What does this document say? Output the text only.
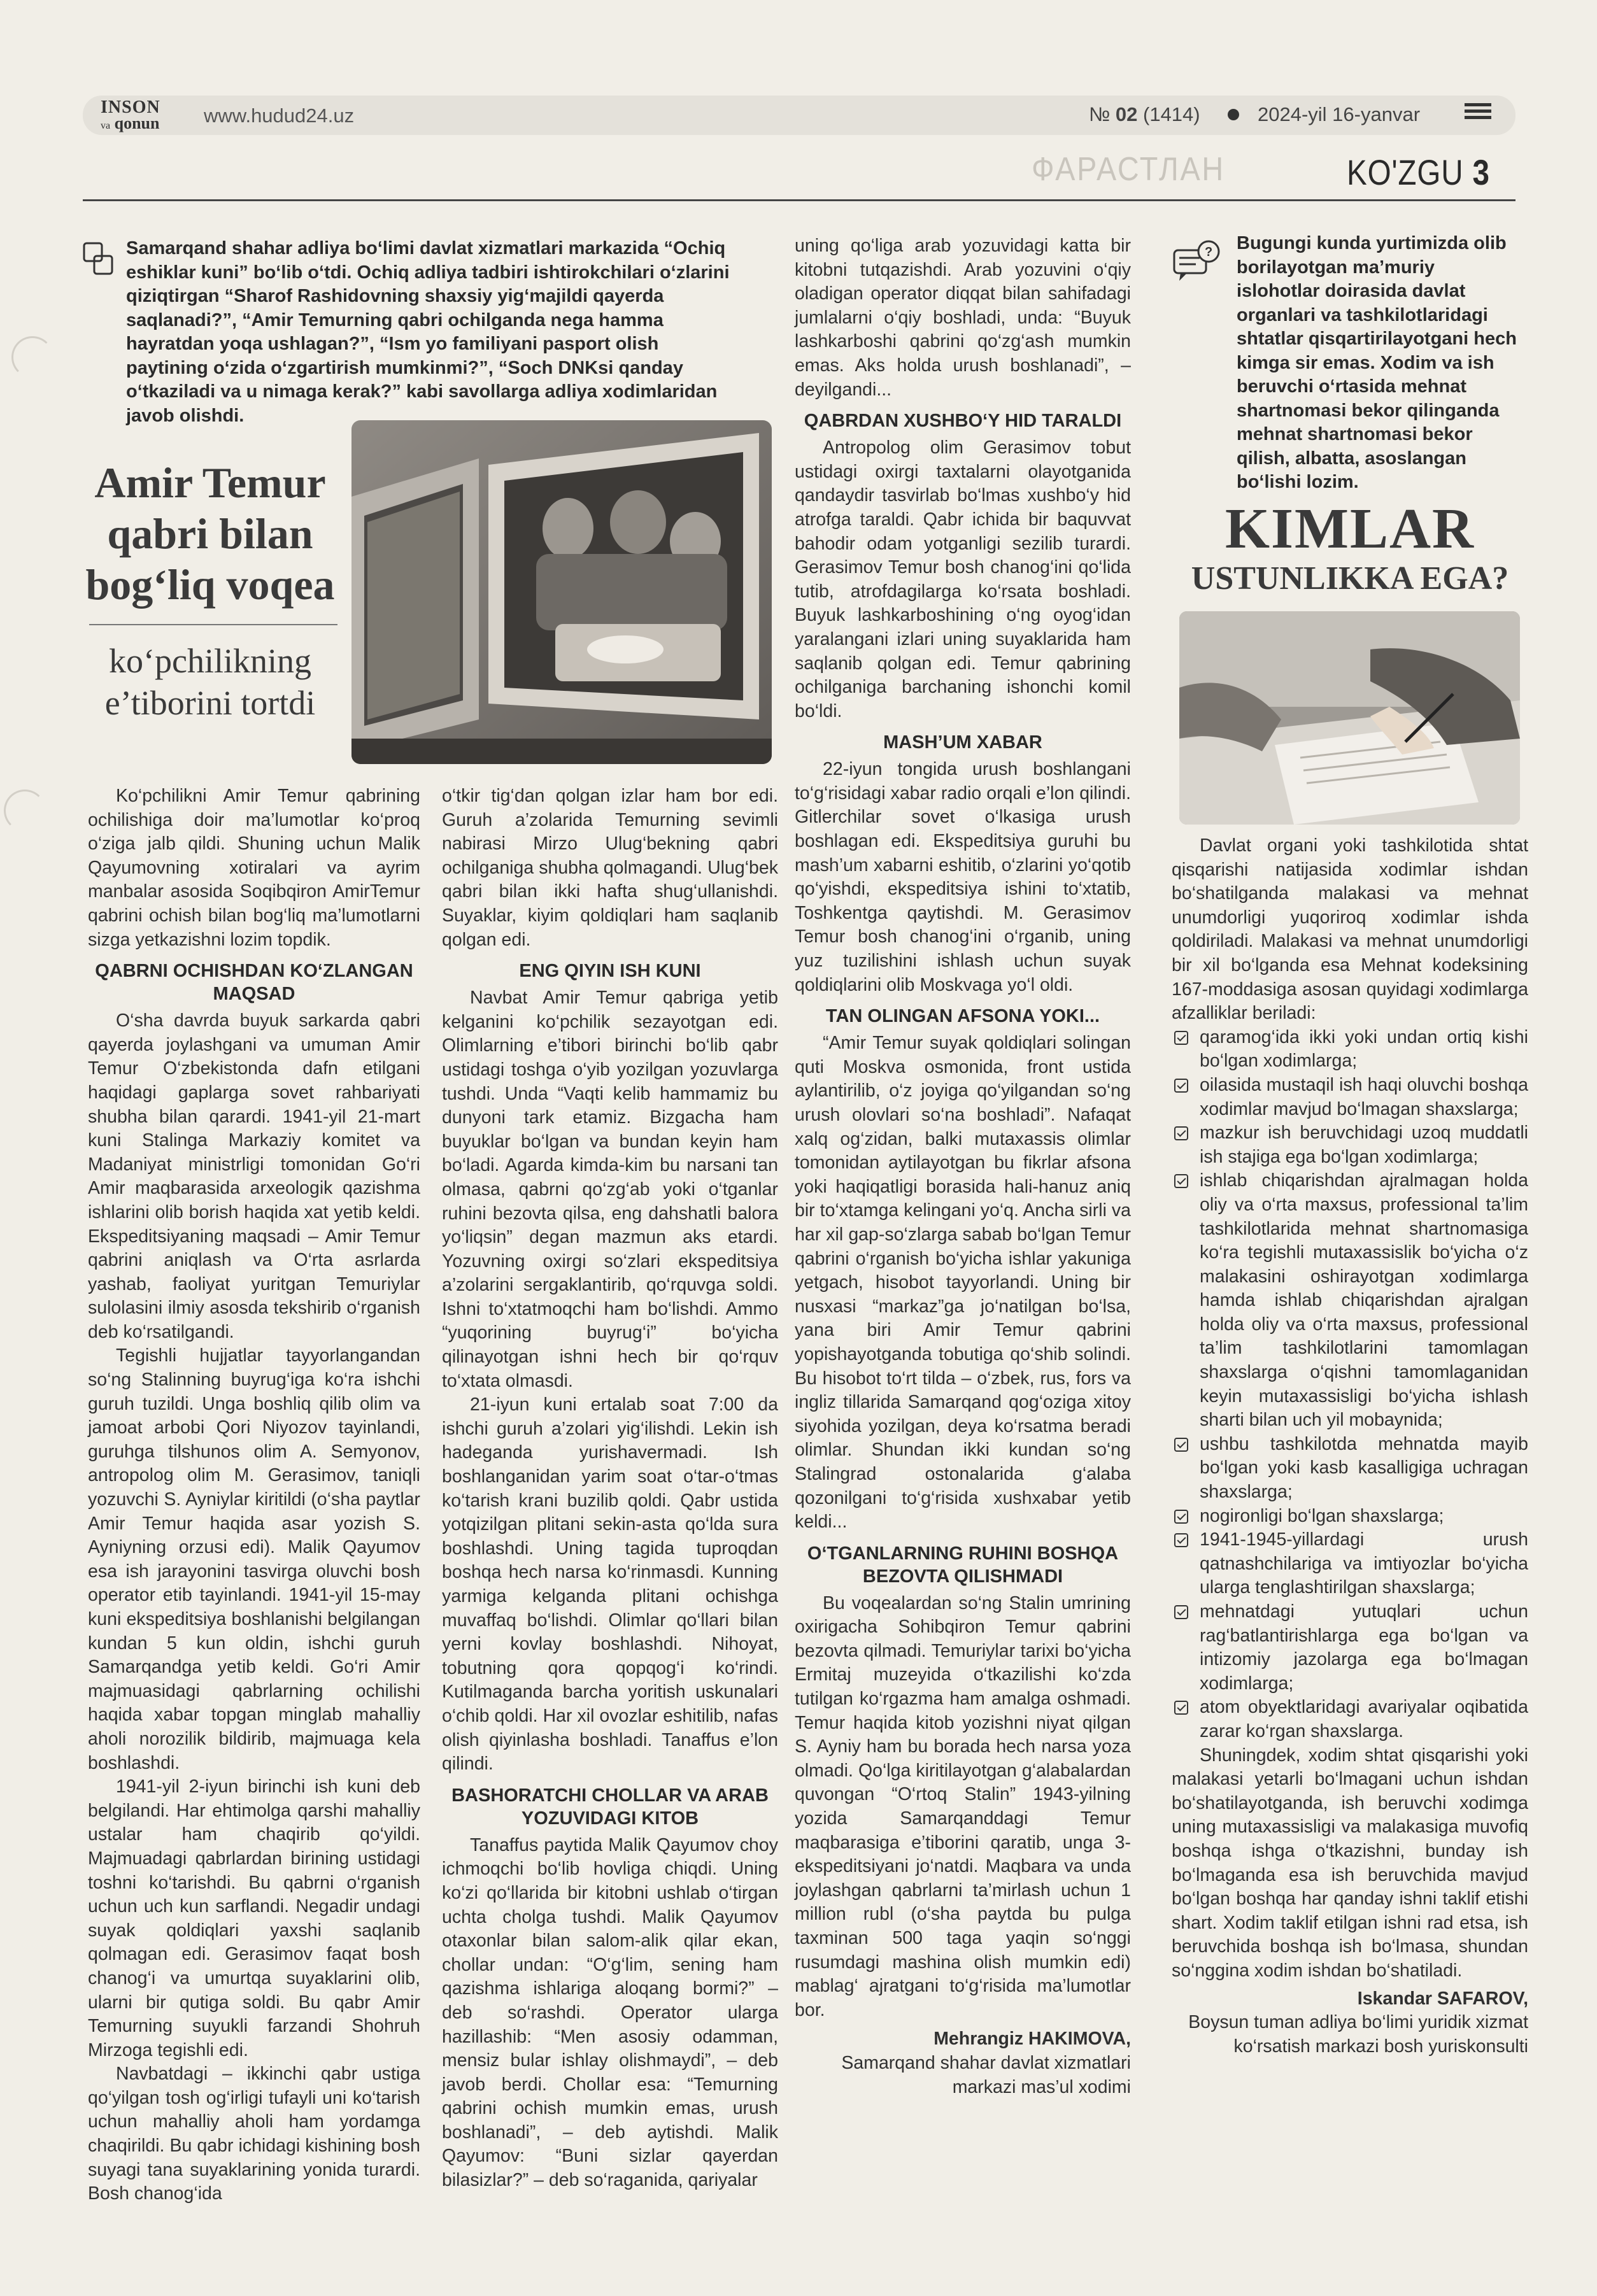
INSON
va qonun www.hudud24.uz	№ 02 (1414)	2024-yil 16-yanvar
ФАРАСТЛАН	KO'ZGU 3
Samarqand shahar adliya bo‘limi davlat xizmatlari markazida “Ochiq eshiklar kuni” bo‘lib o‘tdi. Ochiq adliya tadbiri ishtirokchilari o‘zlarini qiziqtirgan “Sharof Rashidovning shaxsiy yig‘majildi qayerda saqlanadi?”, “Amir Temurning qabri ochilganda nega hamma hayratdan yoqa ushlagan?”, “Ism yo familiyani pasport olish paytining o‘zida o‘zgartirish mumkinmi?”, “Soch DNKsi qanday o‘tkaziladi va u nimaga kerak?” kabi savollarga adliya xodimlaridan javob olishdi.
Amir Temur qabri bilan bog‘liq voqea
ko‘pchilikning e’tiborini tortdi

Ko‘pchilikni Amir Temur qabrining ochilishiga doir ma’lumotlar ko‘proq o‘ziga jalb qildi. Shuning uchun Malik Qayumovning xotiralari va ayrim manbalar asosida Soqibqiron AmirTemur qabrini ochish bilan bog‘liq ma’lumotlarni sizga yetkazishni lozim topdik.

QABRNI OCHISHDAN KO‘ZLANGAN MAQSAD

O‘sha davrda buyuk sarkarda qabri qayerda joylashgani va umuman Amir Temur O‘zbekistonda dafn etilgani haqidagi gaplarga sovet rahbariyati shubha bilan qarardi. 1941-yil 21-mart kuni Stalinga Markaziy komitet va Madaniyat ministrligi tomonidan Go‘ri Amir maqbarasida arxeologik qazishma ishlarini olib borish haqida xat yetib keldi. Ekspeditsiyaning maqsadi – Amir Temur qabrini aniqlash va O‘rta asrlarda yashab, faoliyat yuritgan Temuriylar sulolasini ilmiy asosda tekshirib o‘rganish deb ko‘rsatilgandi.

Tegishli hujjatlar tayyorlangandan so‘ng Stalinning buyrug‘iga ko‘ra ishchi guruh tuzildi. Unga boshliq qilib olim va jamoat arbobi Qori Niyozov tayinlandi, guruhga tilshunos olim A. Semyonov, antropolog olim M. Gerasimov, taniqli yozuvchi S. Ayniylar kiritildi (o‘sha paytlar Amir Temur haqida asar yozish S. Ayniyning orzusi edi). Malik Qayumov esa ish jarayonini tasvirga oluvchi bosh operator etib tayinlandi. 1941-yil 15-may kuni ekspeditsiya boshlanishi belgilangan kundan 5 kun oldin, ishchi guruh Samarqandga yetib keldi. Go‘ri Amir majmuasidagi qabrlarning ochilishi haqida xabar topgan minglab mahalliy aholi norozilik bildirib, majmuaga kela boshlashdi.

1941-yil 2-iyun birinchi ish kuni deb belgilandi. Har ehtimolga qarshi mahalliy ustalar ham chaqirib qo‘yildi. Majmuadagi qabrlardan birining ustidagi toshni ko‘tarishdi. Bu qabrni o‘rganish uchun uch kun sarflandi. Negadir undagi suyak qoldiqlari yaxshi saqlanib qolmagan edi. Gerasimov faqat bosh chanog‘i va umurtqa suyaklarini olib, ularni bir qutiga soldi. Bu qabr Amir Temurning suyukli farzandi Shohruh Mirzoga tegishli edi.

Navbatdagi – ikkinchi qabr ustiga qo‘yilgan tosh og‘irligi tufayli uni ko‘tarish uchun mahalliy aholi ham yordamga chaqirildi. Bu qabr ichidagi kishining bosh suyagi tana suyaklarining yonida turardi. Bosh chanog‘ida

o‘tkir tig‘dan qolgan izlar ham bor edi. Guruh a’zolarida Temurning sevimli nabirasi Mirzo Ulug‘bekning qabri ochilganiga shubha qolmagandi. Ulug‘bek qabri bilan ikki hafta shug‘ullanishdi. Suyaklar, kiyim qoldiqlari ham saqlanib qolgan edi.

ENG QIYIN ISH KUNI

Navbat Amir Temur qabriga yetib kelganini ko‘pchilik sezayotgan edi. Olimlarning e’tibori birinchi bo‘lib qabr ustidagi toshga o‘yib yozilgan yozuvlarga tushdi. Unda “Vaqti kelib hammamiz bu dunyoni tark etamiz. Bizgacha ham buyuklar bo‘lgan va bundan keyin ham bo‘ladi. Agarda kimda-kim bu narsani tan olmasa, qabrni qo‘zg‘ab yoki o‘tganlar ruhini bezovta qilsa, eng dahshatli balога yo‘liqsin” degan mazmun aks etardi. Yozuvning oxirgi so‘zlari ekspeditsiya a’zolarini sergaklantirib, qo‘rquvga soldi. Ishni to‘xtatmoqchi ham bo‘lishdi. Ammo “yuqorining buyrug‘i” bo‘yicha qilinayotgan ishni hech bir qo‘rquv to‘xtata olmasdi.

21-iyun kuni ertalab soat 7:00 da ishchi guruh a’zolari yig‘ilishdi. Lekin ish hadeganda yurishavermadi. Ish boshlanganidan yarim soat o‘tar-o‘tmas ko‘tarish krani buzilib qoldi. Qabr ustida yotqizilgan plitani sekin-asta qo‘lda sura boshlashdi. Uning tagida tuproqdan boshqa hech narsa ko‘rinmasdi. Kunning yarmiga kelganda plitani ochishga muvaffaq bo‘lishdi. Olimlar qo‘llari bilan yerni kovlay boshlashdi. Nihoyat, tobutning qora qopqog‘i ko‘rindi. Kutilmaganda barcha yoritish uskunalari o‘chib qoldi. Har xil ovozlar eshitilib, nafas olish qiyinlasha boshladi. Tanaffus e’lon qilindi.

BASHORATCHI CHOLLAR VA ARAB YOZUVIDAGI KITOB

Tanaffus paytida Malik Qayumov choy ichmoqchi bo‘lib hovliga chiqdi. Uning ko‘zi qo‘llarida bir kitobni ushlab o‘tirgan uchta cholga tushdi. Malik Qayumov otaxonlar bilan salom-alik qilar ekan, chollar undan: “O‘g‘lim, sening ham qazishma ishlariga aloqang bormi?” – deb so‘rashdi. Operator ularga hazillashib: “Men asosiy odamman, mensiz bular ishlay olishmaydi”, – deb javob berdi. Chollar esa: “Temurning qabrini ochish mumkin emas, urush boshlanadi”, – deb aytishdi. Malik Qayumov: “Buni sizlar qayerdan bilasizlar?” – deb so‘raganida, qariyalar

uning qo‘liga arab yozuvidagi katta bir kitobni tutqazishdi. Arab yozuvini o‘qiy oladigan operator diqqat bilan sahifadagi jumlalarni o‘qiy boshladi, unda: “Buyuk lashkarboshi qabrini qo‘zg‘ash mumkin emas. Aks holda urush boshlanadi”, – deyilgandi...

QABRDAN XUSHBO‘Y HID TARALDI

Antropolog olim Gerasimov tobut ustidagi oxirgi taxtalarni olayotganida qandaydir tasvirlab bo‘lmas xushbo‘y hid atrofga taraldi. Qabr ichida bir baquvvat bahodir odam yotganligi sezilib turardi. Gerasimov Temur bosh chanog‘ini qo‘lida tutib, atrofdagilarga ko‘rsata boshladi. Buyuk lashkarboshining o‘ng oyog‘idan yaralangani izlari uning suyaklarida ham saqlanib qolgan edi. Temur qabrining ochilganiga barchaning ishonchi komil bo‘ldi.

MASH’UM XABAR

22-iyun tongida urush boshlangani to‘g‘risidagi xabar radio orqali e’lon qilindi. Gitlerchilar sovet o‘lkasiga urush boshlagan edi. Ekspeditsiya guruhi bu mash’um xabarni eshitib, o‘zlarini yo‘qotib qo‘yishdi, ekspeditsiya ishini to‘xtatib, Toshkentga qaytishdi. M. Gerasimov Temur bosh chanog‘ini o‘rganib, uning yuz tuzilishini ishlash uchun suyak qoldiqlarini olib Moskvaga yo‘l oldi.

TAN OLINGAN AFSONA YOKI...

“Amir Temur suyak qoldiqlari solingan quti Moskva osmonida, front ustida aylantirilib, o‘z joyiga qo‘yilgandan so‘ng urush olovlari so‘na boshladi”. Nafaqat xalq og‘zidan, balki mutaxassis olimlar tomonidan aytilayotgan bu fikrlar afsona yoki haqiqatligi borasida hali-hanuz aniq bir to‘xtamga kelingani yo‘q. Ancha sirli va har xil gap-so‘zlarga sabab bo‘lgan Temur qabrini o‘rganish bo‘yicha ishlar yakuniga yetgach, hisobot tayyorlandi. Uning bir nusxasi “markaz”ga jo‘natilgan bo‘lsa, yana biri Amir Temur qabrini yopishayotganda tobutiga qo‘shib solindi. Bu hisobot to‘rt tilda – o‘zbek, rus, fors va ingliz tillarida Samarqand qog‘oziga xitoy siyohida yozilgan, deya ko‘rsatma beradi olimlar. Shundan ikki kundan so‘ng Stalingrad ostonalarida g‘alaba qozonilgani to‘g‘risida xushxabar yetib keldi...

O‘TGANLARNING RUHINI BOSHQA BEZOVTA QILISHMADI

Bu voqealardan so‘ng Stalin umrining oxirigacha Sohibqiron Temur qabrini bezovta qilmadi. Temuriylar tarixi bo‘yicha Ermitaj muzeyida o‘tkazilishi ko‘zda tutilgan ko‘rgazma ham amalga oshmadi. Temur haqida kitob yozishni niyat qilgan S. Ayniy ham bu borada hech narsa yoza olmadi. Qo‘lga kiritilayotgan g‘alabalardan quvongan “O‘rtoq Stalin” 1943-yilning yozida Samarqanddagi Temur maqbarasiga e’tiborini qaratib, unga 3-ekspeditsiyani jo‘natdi. Maqbara va unda joylashgan qabrlarni ta’mirlash uchun 1 million rubl (o‘sha paytda bu pulga taxminan 500 taga yaqin so‘nggi rusumdagi mashina olish mumkin edi) mablag‘ ajratgani to‘g‘risida ma’lumotlar bor.

Mehrangiz HAKIMOVA,
Samarqand shahar davlat xizmatlari markazi mas’ul xodimi
? Bugungi kunda yurtimizda olib borilayotgan ma’muriy islohotlar doirasida davlat organlari va tashkilotlaridagi shtatlar qisqartirilayotgani hech kimga sir emas. Xodim va ish beruvchi o‘rtasida mehnat shartnomasi bekor qilinganda mehnat shartnomasi bekor qilish, albatta, asoslangan bo‘lishi lozim.
KIMLAR
USTUNLIKKA EGA?

Davlat organi yoki tashkilotida shtat qisqarishi natijasida xodimlar ishdan bo‘shatilganda malakasi va mehnat unumdorligi yuqoriroq xodimlar ishda qoldiriladi. Malakasi va mehnat unumdorligi bir xil bo‘lganda esa Mehnat kodeksining 167-moddasiga asosan quyidagi xodimlarga afzalliklar beriladi:

qaramog‘ida ikki yoki undan ortiq kishi bo‘lgan xodimlarga;
oilasida mustaqil ish haqi oluvchi boshqa xodimlar mavjud bo‘lmagan shaxslarga;
mazkur ish beruvchidagi uzoq muddatli ish stajiga ega bo‘lgan xodimlarga;
ishlab chiqarishdan ajralmagan holda oliy va o‘rta maxsus, professional ta’lim tashkilotlarida mehnat shartnomasiga ko‘ra tegishli mutaxassislik bo‘yicha o‘z malakasini oshirayotgan xodimlarga hamda ishlab chiqarishdan ajralgan holda oliy va o‘rta maxsus, professional ta’lim tashkilotlarini tamomlagan shaxslarga o‘qishni tamomlaganidan keyin mutaxassisligi bo‘yicha ishlash sharti bilan uch yil mobaynida;
ushbu tashkilotda mehnatda mayib bo‘lgan yoki kasb kasalligiga uchragan shaxslarga;
nogironligi bo‘lgan shaxslarga;
1941-1945-yillardagi urush qatnashchilariga va imtiyozlar bo‘yicha ularga tenglashtirilgan shaxslarga;
mehnatdagi yutuqlari uchun rag‘batlantirishlarga ega bo‘lgan va intizomiy jazolarga ega bo‘lmagan xodimlarga;
atom obyektlaridagi avariyalar oqibatida zarar ko‘rgan shaxslarga.

Shuningdek, xodim shtat qisqarishi yoki malakasi yetarli bo‘lmagani uchun ishdan bo‘shatilayotganda, ish beruvchi xodimga uning mutaxassisligi va malakasiga muvofiq boshqa ishga o‘tkazishni, bunday ish bo‘lmaganda esa ish beruvchida mavjud bo‘lgan boshqa har qanday ishni taklif etishi shart. Xodim taklif etilgan ishni rad etsa, ish beruvchida boshqa ish bo‘lmasa, shundan so‘nggina xodim ishdan bo‘shatiladi.

Iskandar SAFAROV,
Boysun tuman adliya bo‘limi yuridik xizmat ko‘rsatish markazi bosh yuriskonsulti
